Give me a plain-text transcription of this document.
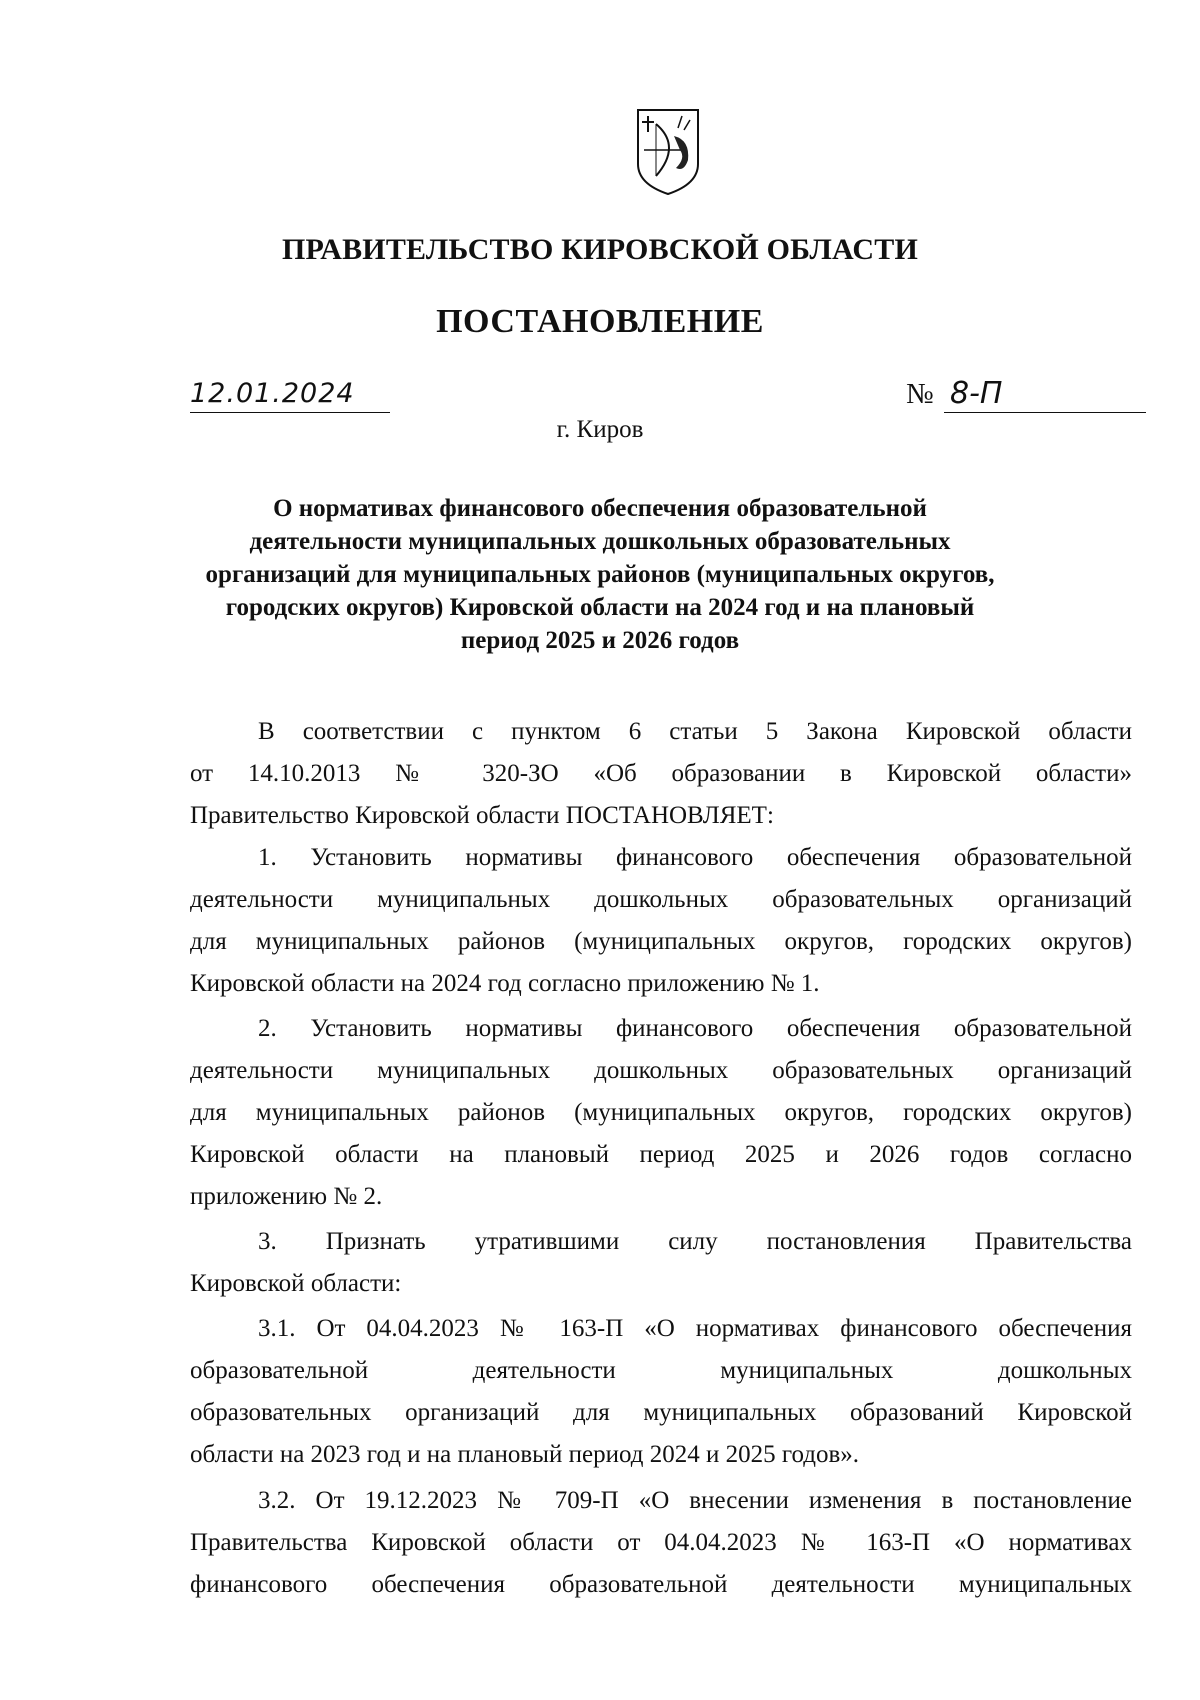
ПРАВИТЕЛЬСТВО КИРОВСКОЙ ОБЛАСТИ
ПОСТАНОВЛЕНИЕ
12.01.2024	№ 8-П
г. Киров
О нормативах финансового обеспечения образовательной
деятельности муниципальных дошкольных образовательных
организаций для муниципальных районов (муниципальных округов,
городских округов) Кировской области на 2024 год и на плановый
период 2025 и 2026 годов
В соответствии с пунктом 6 статьи 5 Закона Кировской области
от 14.10.2013 № 320-ЗО «Об образовании в Кировской области»
Правительство Кировской области ПОСТАНОВЛЯЕТ:
1. Установить нормативы финансового обеспечения образовательной
деятельности муниципальных дошкольных образовательных организаций
для муниципальных районов (муниципальных округов, городских округов)
Кировской области на 2024 год согласно приложению № 1.
2. Установить нормативы финансового обеспечения образовательной
деятельности муниципальных дошкольных образовательных организаций
для муниципальных районов (муниципальных округов, городских округов)
Кировской области на плановый период 2025 и 2026 годов согласно
приложению № 2.
3. Признать утратившими силу постановления Правительства
Кировской области:
3.1. От 04.04.2023 № 163-П «О нормативах финансового обеспечения
образовательной деятельности муниципальных дошкольных
образовательных организаций для муниципальных образований Кировской
области на 2023 год и на плановый период 2024 и 2025 годов».
3.2. От 19.12.2023 № 709-П «О внесении изменения в постановление
Правительства Кировской области от 04.04.2023 № 163-П «О нормативах
финансового обеспечения образовательной деятельности муниципальных
